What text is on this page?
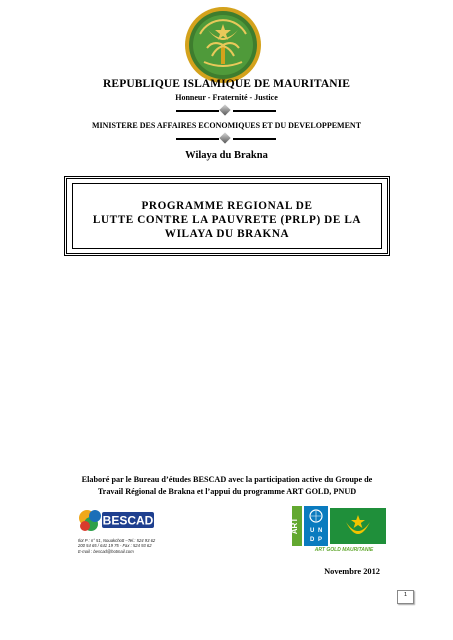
REPUBLIQUE ISLAMIQUE DE MAURITANIE
Honneur - Fraternité - Justice
MINISTERE DES AFFAIRES ECONOMIQUES ET DU DEVELOPPEMENT
Wilaya du Brakna
PROGRAMME REGIONAL DE
LUTTE CONTRE LA PAUVRETE (PRLP) DE LA
WILAYA DU BRAKNA
Elaboré par le Bureau d’études BESCAD avec la participation active du Groupe de
Travail Régional de Brakna et l’appui du programme ART GOLD, PNUD
BESCAD
Ilot P : n° 51, Nouakchott –Tel.: 524 93 62
200 54 65 / 641 19 75 - Fax : 524 93 62
E-mail : bescad@hotmail.com
ART U N
D P
ART GOLD MAURITANIE
Novembre 2012
1
